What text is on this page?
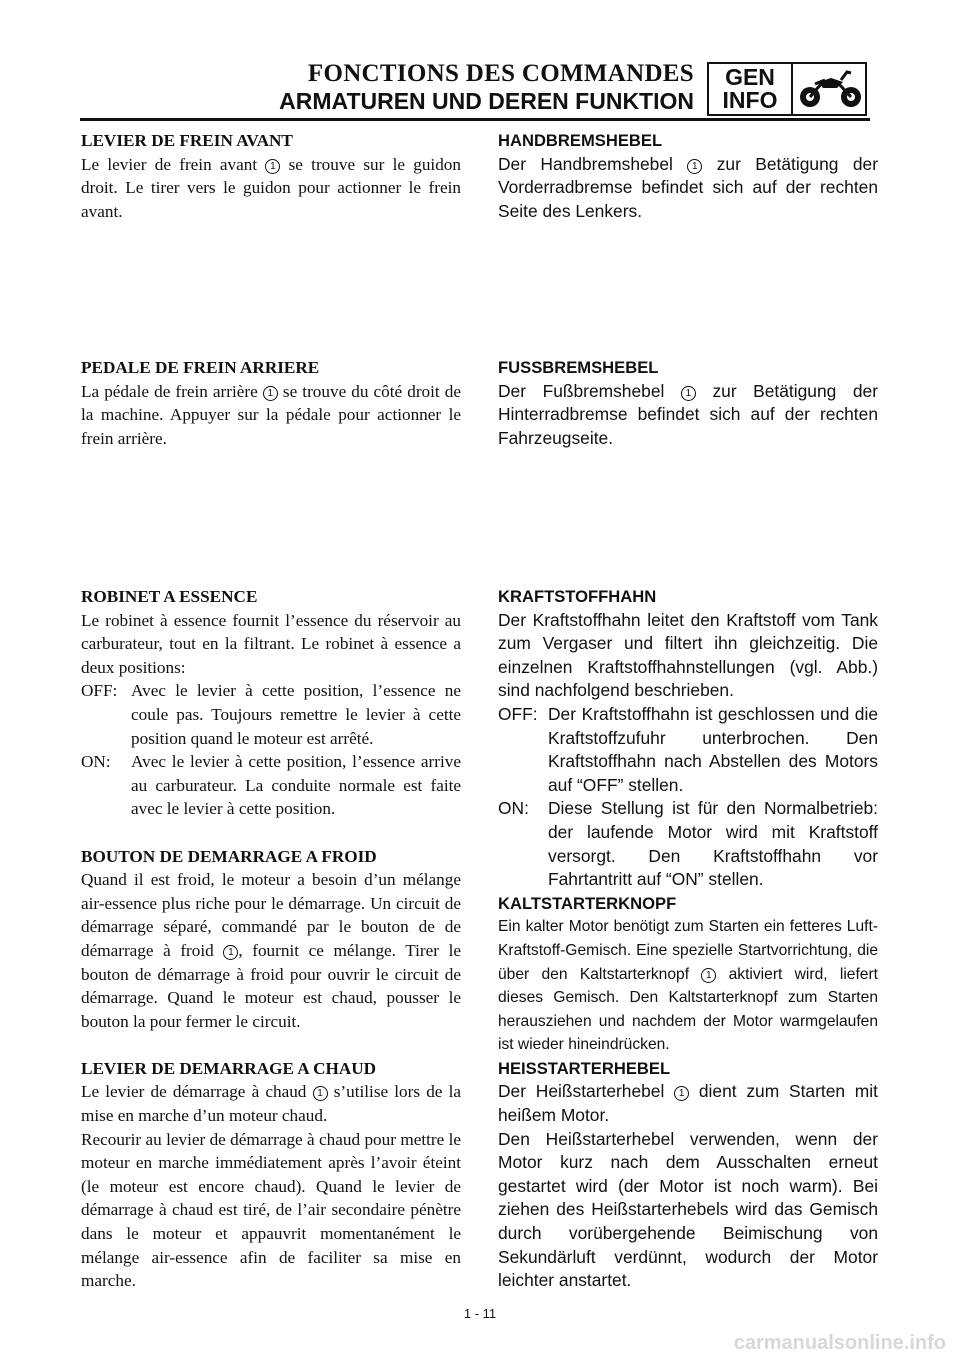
FONCTIONS DES COMMANDES
ARMATUREN UND DEREN FUNKTION
GEN
INFO
LEVIER DE FREIN AVANT

Le levier de frein avant 1 se trouve sur le guidon droit. Le tirer vers le guidon pour actionner le frein avant.

PEDALE DE FREIN ARRIERE

La pédale de frein arrière 1 se trouve du côté droit de la machine. Appuyer sur la pédale pour actionner le frein arrière.

ROBINET A ESSENCE

Le robinet à essence fournit l’essence du réservoir au carburateur, tout en la filtrant. Le robinet à essence a deux positions:

OFF: Avec le levier à cette position, l’essence ne coule pas. Toujours remettre le levier à cette position quand le moteur est arrêté.
ON: Avec le levier à cette position, l’essence arrive au carburateur. La conduite normale est faite avec le levier à cette position.
BOUTON DE DEMARRAGE A FROID

Quand il est froid, le moteur a besoin d’un mélange air-essence plus riche pour le démarrage. Un circuit de démarrage séparé, commandé par le bouton de de démarrage à froid 1 , fournit ce mélange. Tirer le bouton de démarrage à froid pour ouvrir le circuit de démarrage. Quand le moteur est chaud, pousser le bouton la pour fermer le circuit.

LEVIER DE DEMARRAGE A CHAUD

Le levier de démarrage à chaud 1 s’utilise lors de la mise en marche d’un moteur chaud.

Recourir au levier de démarrage à chaud pour mettre le moteur en marche immédiatement après l’avoir éteint (le moteur est encore chaud). Quand le levier de démarrage à chaud est tiré, de l’air secondaire pénètre dans le moteur et appauvrit momentanément le mélange air-essence afin de faciliter sa mise en marche.

HANDBREMSHEBEL

Der Handbremshebel 1 zur Betätigung der Vorderradbremse befindet sich auf der rechten Seite des Lenkers.

FUSSBREMSHEBEL

Der Fußbremshebel 1 zur Betätigung der Hinterradbremse befindet sich auf der rechten Fahrzeugseite.

KRAFTSTOFFHAHN

Der Kraftstoffhahn leitet den Kraftstoff vom Tank zum Vergaser und filtert ihn gleichzeitig. Die einzelnen Kraftstoffhahnstellungen (vgl. Abb.) sind nachfolgend beschrieben.

OFF: Der Kraftstoffhahn ist geschlossen und die Kraftstoffzufuhr unterbrochen. Den Kraftstoffhahn nach Abstellen des Motors auf “OFF” stellen.
ON: Diese Stellung ist für den Normalbetrieb: der laufende Motor wird mit Kraftstoff versorgt. Den Kraftstoffhahn vor Fahrtantritt auf “ON” stellen.
KALTSTARTERKNOPF

Ein kalter Motor benötigt zum Starten ein fetteres Luft-Kraftstoff-Gemisch. Eine spezielle Startvorrichtung, die über den Kaltstarterknopf 1 aktiviert wird, liefert dieses Gemisch. Den Kaltstarterknopf zum Starten herausziehen und nachdem der Motor warmgelaufen ist wieder hineindrücken.

HEISSTARTERHEBEL

Der Heißstarterhebel 1 dient zum Starten mit heißem Motor.

Den Heißstarterhebel verwenden, wenn der Motor kurz nach dem Ausschalten erneut gestartet wird (der Motor ist noch warm). Bei ziehen des Heißstarterhebels wird das Gemisch durch vorübergehende Beimischung von Sekundärluft verdünnt, wodurch der Motor leichter anstartet.

1 - 11
carmanualsonline.info
